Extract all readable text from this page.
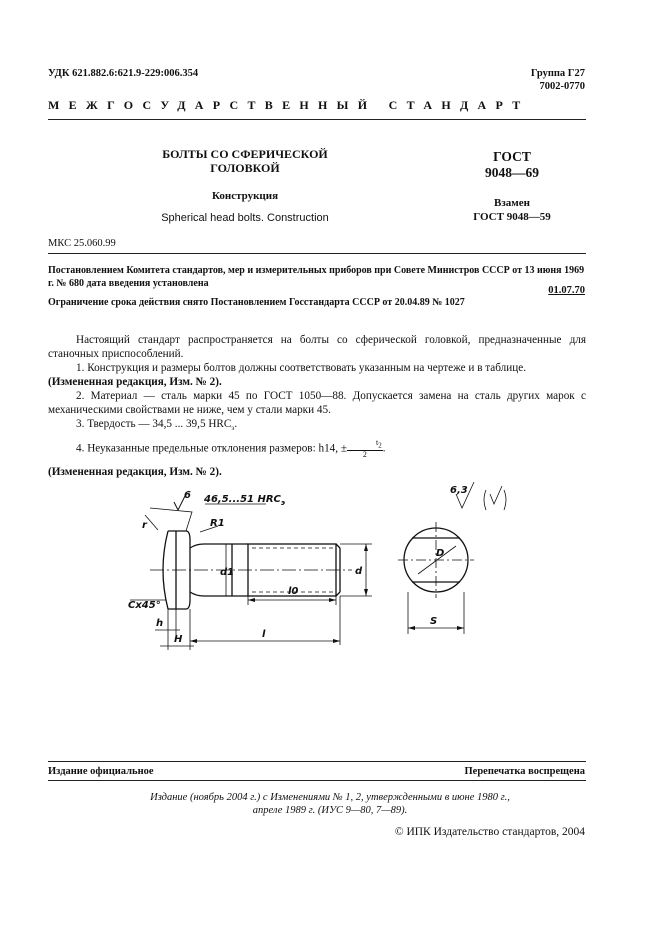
УДК 621.882.6:621.9-229:006.354	Группа Г27
7002-0770
МЕЖГОСУДАРСТВЕННЫЙ СТАНДАРТ
БОЛТЫ СО СФЕРИЧЕСКОЙ
ГОЛОВКОЙ
Конструкция
Spherical head bolts. Construction
ГОСТ
9048—69
Взамен
ГОСТ 9048—59
МКС 25.060.99
Постановлением Комитета стандартов, мер и измерительных приборов при Совете Министров СССР от 13 июня 1969 г. № 680 дата введения установлена
01.07.70
Ограничение срока действия снято Постановлением Госстандарта СССР от 20.04.89 № 1027

Настоящий стандарт распространяется на болты со сферической головкой, предназначенные для станочных приспособлений.

1. Конструкция и размеры болтов должны соответствовать указанным на чертеже и в таблице.

(Измененная редакция, Изм. № 2).

2. Материал — сталь марки 45 по ГОСТ 1050—88. Допускается замена на сталь других марок с механическими свойствами не ниже, чем у стали марки 45.

3. Твердость — 34,5 ... 39,5 $HRC_э$.

4. Неуказанные предельные отклонения размеров: h14, ± $\frac{t2}{2}$.

(Измененная редакция, Изм. № 2).

46,5...51 $HRC_э$
6
R1
Cx45°
r
d1	d
l0
l
h
H
D
S
6,3
Издание официальное	Перепечатка воспрещена
Издание (ноябрь 2004 г.) с Изменениями № 1, 2, утвержденными в июне 1980 г.,
апреле 1989 г. (ИУС 9—80, 7—89).
© ИПК Издательство стандартов, 2004
